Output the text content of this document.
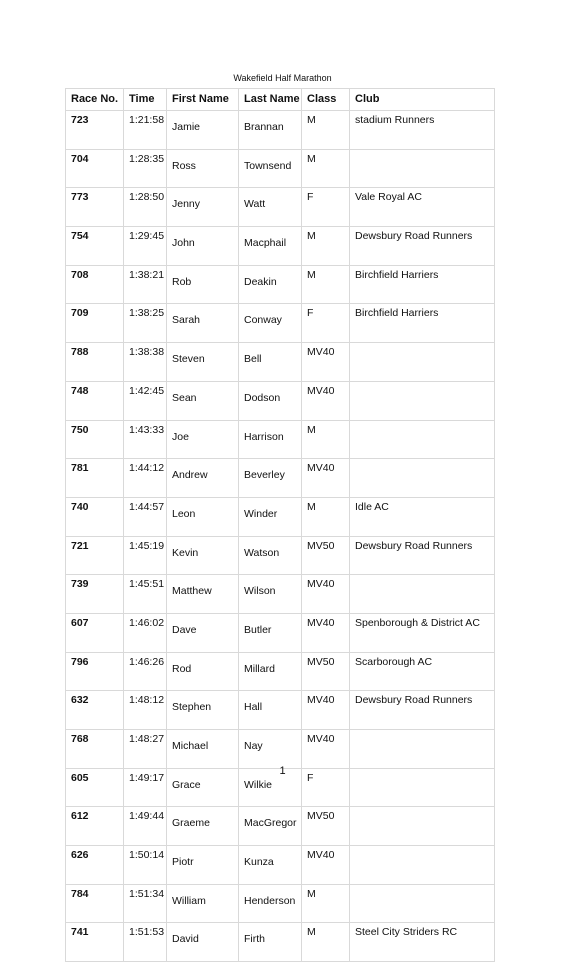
Wakefield Half Marathon
Race No.	Time	First Name	Last Name	Class	Club
723	1:21:58	Jamie	Brannan	M	stadium Runners
704	1:28:35	Ross	Townsend	M	
773	1:28:50	Jenny	Watt	F	Vale Royal AC
754	1:29:45	John	Macphail	M	Dewsbury Road Runners
708	1:38:21	Rob	Deakin	M	Birchfield Harriers
709	1:38:25	Sarah	Conway	F	Birchfield Harriers
788	1:38:38	Steven	Bell	MV40	
748	1:42:45	Sean	Dodson	MV40	
750	1:43:33	Joe	Harrison	M	
781	1:44:12	Andrew	Beverley	MV40	
740	1:44:57	Leon	Winder	M	Idle AC
721	1:45:19	Kevin	Watson	MV50	Dewsbury Road Runners
739	1:45:51	Matthew	Wilson	MV40	
607	1:46:02	Dave	Butler	MV40	Spenborough & District AC
796	1:46:26	Rod	Millard	MV50	Scarborough AC
632	1:48:12	Stephen	Hall	MV40	Dewsbury Road Runners
768	1:48:27	Michael	Nay	MV40	
605	1:49:17	Grace	Wilkie	F	
612	1:49:44	Graeme	MacGregor	MV50	
626	1:50:14	Piotr	Kunza	MV40	
784	1:51:34	William	Henderson	M	
741	1:51:53	David	Firth	M	Steel City Striders RC
1
